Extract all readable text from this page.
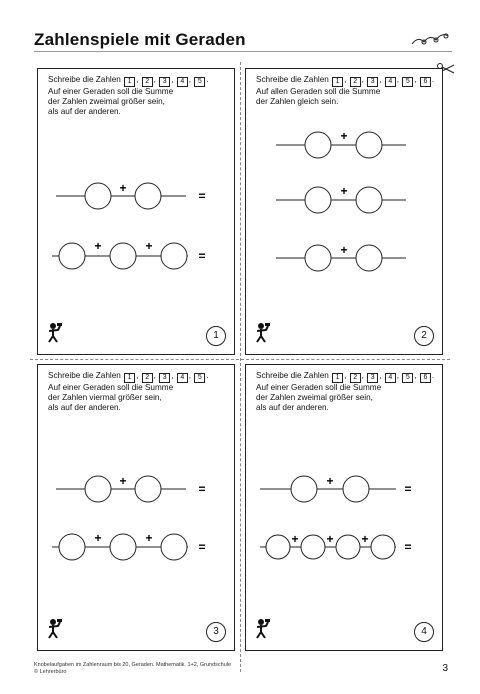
Zahlenspiele mit Geraden
Schreibe die Zahlen 1 , 2 , 3 , 4 , 5 .
Auf einer Geraden soll die Summe
der Zahlen zweimal größer sein,
als auf der anderen.
+
=
+	+
=
1
Schreibe die Zahlen 1 , 2 , 3 , 4 , 5 , 6 .
Auf allen Geraden soll die Summe
der Zahlen gleich sein.
+
+
+
2
Schreibe die Zahlen 1 , 2 , 3 , 4 , 5 .
Auf einer Geraden soll die Summe
der Zahlen viermal größer sein,
als auf der anderen.
+
=
+	+
=
3
Schreibe die Zahlen 1 , 2 , 3 , 4 , 5 , 6 .
Auf einer Geraden soll die Summe
der Zahlen zweimal größer sein,
als auf der anderen.
+
=
+ + +
=
4
Knobelaufgaben im Zahlenraum bis 20, Geraden. Mathematik. 1+2, Grundschule
© Lehrerbüro	3
